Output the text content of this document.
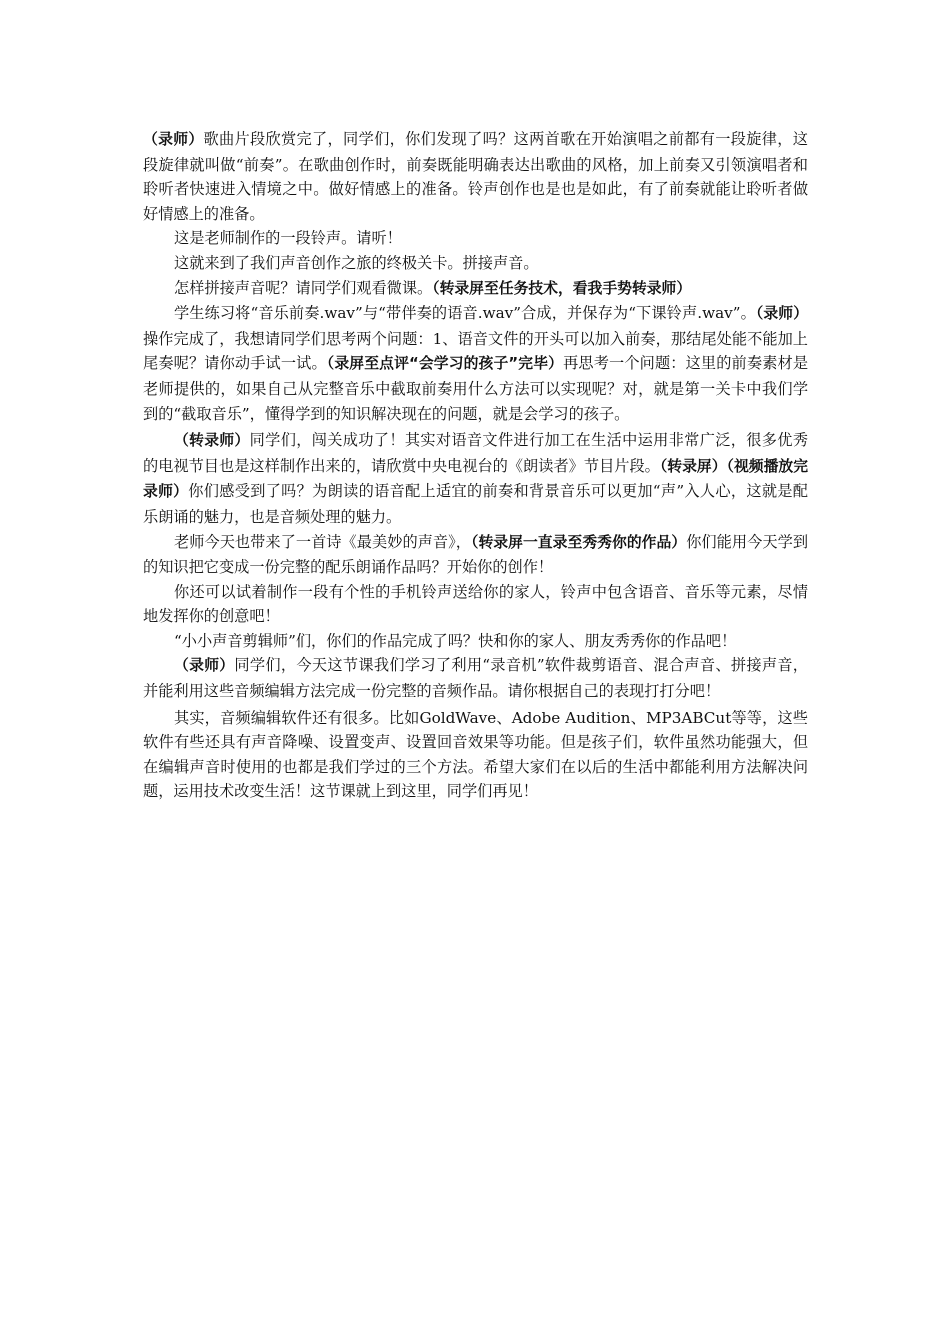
（录师）歌曲片段欣赏完了，同学们，你们发现了吗？这两首歌在开始演唱之前都有一段旋律，这段旋律就叫做“前奏”。在歌曲创作时，前奏既能明确表达出歌曲的风格，加上前奏又引领演唱者和聆听者快速进入情境之中。做好情感上的准备。铃声创作也是也是如此，有了前奏就能让聆听者做好情感上的准备。

这是老师制作的一段铃声。请听！

这就来到了我们声音创作之旅的终极关卡。拼接声音。

怎样拼接声音呢？请同学们观看微课。（转录屏至任务技术，看我手势转录师）

学生练习将“音乐前奏.wav”与“带伴奏的语音.wav”合成，并保存为“下课铃声.wav”。（录师）操作完成了，我想请同学们思考两个问题：1、语音文件的开头可以加入前奏，那结尾处能不能加上尾奏呢？请你动手试一试。（录屏至点评“会学习的孩子”完毕）再思考一个问题：这里的前奏素材是老师提供的，如果自己从完整音乐中截取前奏用什么方法可以实现呢？对，就是第一关卡中我们学到的“截取音乐”，懂得学到的知识解决现在的问题，就是会学习的孩子。

（转录师）同学们，闯关成功了！其实对语音文件进行加工在生活中运用非常广泛，很多优秀的电视节目也是这样制作出来的，请欣赏中央电视台的《朗读者》节目片段。（转录屏）（视频播放完录师）你们感受到了吗？为朗读的语音配上适宜的前奏和背景音乐可以更加“声”入人心，这就是配乐朗诵的魅力，也是音频处理的魅力。

老师今天也带来了一首诗《最美妙的声音》，（转录屏一直录至秀秀你的作品）你们能用今天学到的知识把它变成一份完整的配乐朗诵作品吗？开始你的创作！

你还可以试着制作一段有个性的手机铃声送给你的家人，铃声中包含语音、音乐等元素，尽情地发挥你的创意吧！

“小小声音剪辑师”们，你们的作品完成了吗？快和你的家人、朋友秀秀你的作品吧！

（录师）同学们，今天这节课我们学习了利用“录音机”软件裁剪语音、混合声音、拼接声音，并能利用这些音频编辑方法完成一份完整的音频作品。请你根据自己的表现打打分吧！

其实，音频编辑软件还有很多。比如GoldWave、Adobe Audition、MP3ABCut等等，这些软件有些还具有声音降噪、设置变声、设置回音效果等功能。但是孩子们，软件虽然功能强大，但在编辑声音时使用的也都是我们学过的三个方法。希望大家们在以后的生活中都能利用方法解决问题，运用技术改变生活！这节课就上到这里，同学们再见！
